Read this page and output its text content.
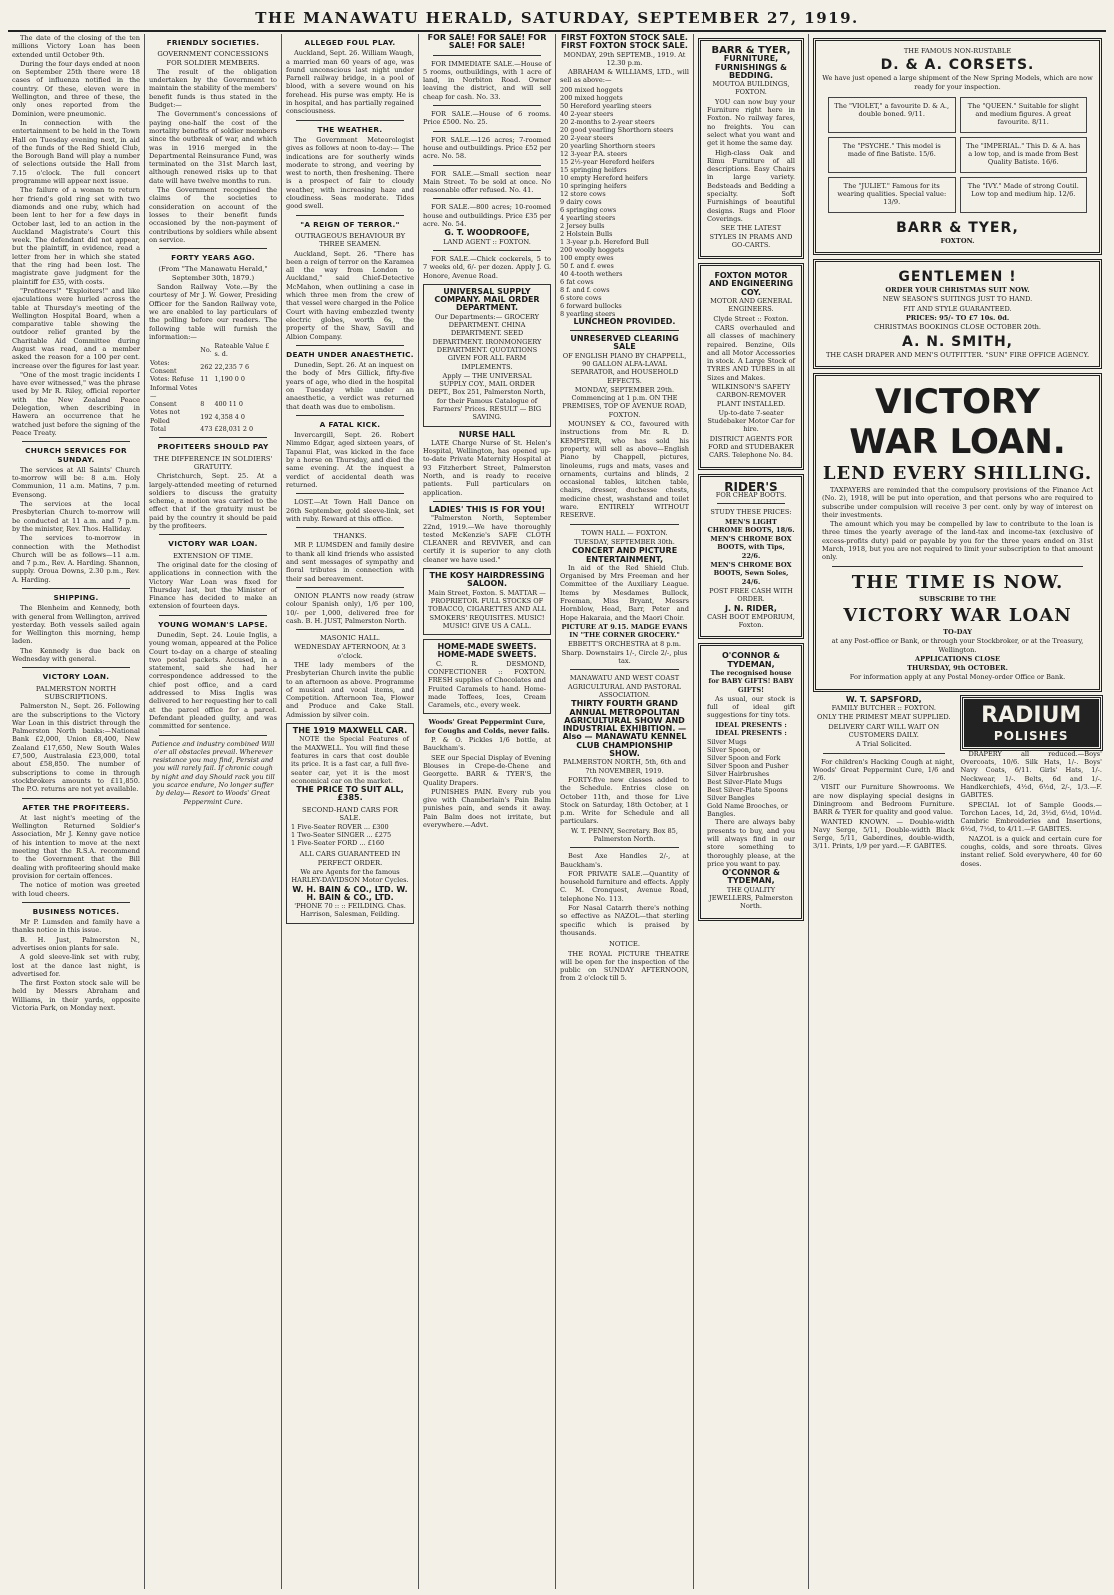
THE MANAWATU HERALD, SATURDAY, SEPTEMBER 27, 1919.

The date of the closing of the ten millions Victory Loan has been extended until October 9th.

During the four days ended at noon on September 25th there were 18 cases of influenza notified in the country. Of these, eleven were in Wellington, and three of these, the only ones reported from the Dominion, were pneumonic.

In connection with the entertainment to be held in the Town Hall on Tuesday evening next, in aid of the funds of the Red Shield Club, the Borough Band will play a number of selections outside the Hall from 7.15 o'clock. The full concert programme will appear next issue.

The failure of a woman to return her friend's gold ring set with two diamonds and one ruby, which had been lent to her for a few days in October last, led to an action in the Auckland Magistrate's Court this week. The defendant did not appear, but the plaintiff, in evidence, read a letter from her in which she stated that the ring had been lost. The magistrate gave judgment for the plaintiff for £35, with costs.

"Profiteers!" "Exploiters!" and like ejaculations were hurled across the table at Thursday's meeting of the Wellington Hospital Board, when a comparative table showing the outdoor relief granted by the Charitable Aid Committee during August was read, and a member asked the reason for a 100 per cent. increase over the figures for last year.

"One of the most tragic incidents I have ever witnessed," was the phrase used by Mr R. Riley, official reporter with the New Zealand Peace Delegation, when describing in Hawera an occurrence that he watched just before the signing of the Peace Treaty.

CHURCH SERVICES FOR SUNDAY.

The services at All Saints' Church to-morrow will be: 8 a.m. Holy Communion, 11 a.m. Matins, 7 p.m. Evensong.

The services at the local Presbyterian Church to-morrow will be conducted at 11 a.m. and 7 p.m. by the minister, Rev. Thos. Halliday.

The services to-morrow in connection with the Methodist Church will be as follows—11 a.m. and 7 p.m., Rev. A. Harding. Shannon, supply. Oroua Downs, 2.30 p.m., Rev. A. Harding.

SHIPPING.

The Blenheim and Kennedy, both with general from Wellington, arrived yesterday. Both vessels sailed again for Wellington this morning, hemp laden.

The Kennedy is due back on Wednesday with general.

VICTORY LOAN.
PALMERSTON NORTH SUBSCRIPTIONS.

Palmerston N., Sept. 26. Following are the subscriptions to the Victory War Loan in this district through the Palmerston North banks:—National Bank £2,000, Union £8,400, New Zealand £17,650, New South Wales £7,500, Australasia £23,000, total about £58,850. The number of subscriptions to come in through stockbrokers amounts to £11,850. The P.O. returns are not yet available.

AFTER THE PROFITEERS.

At last night's meeting of the Wellington Returned Soldier's Association, Mr J. Kenny gave notice of his intention to move at the next meeting that the R.S.A. recommend to the Government that the Bill dealing with profiteering should make provision for certain offences.

The notice of motion was greeted with loud cheers.

BUSINESS NOTICES.

Mr P. Lumsden and family have a thanks notice in this issue.

B. H. Just, Palmerston N., advertises onion plants for sale.

A gold sleeve-link set with ruby, lost at the dance last night, is advertised for.

The first Foxton stock sale will be held by Messrs Abraham and Williams, in their yards, opposite Victoria Park, on Monday next.

FRIENDLY SOCIETIES.
GOVERNMENT CONCESSIONS FOR SOLDIER MEMBERS.

The result of the obligation undertaken by the Government to maintain the stability of the members' benefit funds is thus stated in the Budget:—

The Government's concessions of paying one-half the cost of the mortality benefits of soldier members since the outbreak of war, and which was in 1916 merged in the Departmental Reinsurance Fund, was terminated on the 31st March last, although renewed risks up to that date will have twelve months to run.

The Government recognised the claims of the societies to consideration on account of the losses to their benefit funds occasioned by the non-payment of contributions by soldiers while absent on service.

FORTY YEARS AGO.
(From "The Manawatu Herald," September 30th, 1879.)

Sandon Railway Vote.—By the courtesy of Mr J. W. Gower, Presiding Officer for the Sandon Railway vote, we are enabled to lay particulars of the polling before our readers. The following table will furnish the information:—

	No.	Rateable Value £ s. d.
Votes: Consent	262	22,235 7 6
Votes: Refuse	11	1,190 0 0
Informal Votes—		
Consent	8	400 11 0
Votes not Polled	192	4,358 4 0
Total	473	£28,031 2 0
PROFITEERS SHOULD PAY
THE DIFFERENCE IN SOLDIERS' GRATUITY.

Christchurch, Sept. 25. At a largely-attended meeting of returned soldiers to discuss the gratuity scheme, a motion was carried to the effect that if the gratuity must be paid by the country it should be paid by the profiteers.

VICTORY WAR LOAN.
EXTENSION OF TIME.

The original date for the closing of applications in connection with the Victory War Loan was fixed for Thursday last, but the Minister of Finance has decided to make an extension of fourteen days.

YOUNG WOMAN'S LAPSE.

Dunedin, Sept. 24. Louie Inglis, a young woman, appeared at the Police Court to-day on a charge of stealing two postal packets. Accused, in a statement, said she had her correspondence addressed to the chief post office, and a card addressed to Miss Inglis was delivered to her requesting her to call at the parcel office for a parcel. Defendant pleaded guilty, and was committed for sentence.

Patience and industry combined Will o'er all obstacles prevail. Wherever resistance you may find, Persist and you will rarely fail. If chronic cough by night and day Should rack you till you scarce endure, No longer suffer by delay— Resort to Woods' Great Peppermint Cure.

ALLEGED FOUL PLAY.

Auckland, Sept. 26. William Waugh, a married man 60 years of age, was found unconscious last night under Parnell railway bridge, in a pool of blood, with a severe wound on his forehead. His purse was empty. He is in hospital, and has partially regained consciousness.

THE WEATHER.

The Government Meteorologist gives as follows at noon to-day:— The indications are for southerly winds moderate to strong, and veering by west to north, then freshening. There is a prospect of fair to cloudy weather, with increasing haze and cloudiness. Seas moderate. Tides good swell.

"A REIGN OF TERROR."
OUTRAGEOUS BEHAVIOUR BY THREE SEAMEN.

Auckland, Sept. 26. "There has been a reign of terror on the Karamea all the way from London to Auckland," said Chief-Detective McMahon, when outlining a case in which three men from the crew of that vessel were charged in the Police Court with having embezzled twenty electric globes, worth 6s, the property of the Shaw, Savill and Albion Company.

DEATH UNDER ANAESTHETIC.

Dunedin, Sept. 26. At an inquest on the body of Mrs Gillick, fifty-five years of age, who died in the hospital on Tuesday while under an anaesthetic, a verdict was returned that death was due to embolism.

A FATAL KICK.

Invercargill, Sept. 26. Robert Nimmo Edgar, aged sixteen years, of Tapanui Flat, was kicked in the face by a horse on Thursday, and died the same evening. At the inquest a verdict of accidental death was returned.

LOST.—At Town Hall Dance on 26th September, gold sleeve-link, set with ruby. Reward at this office.

THANKS.

MR P. LUMSDEN and family desire to thank all kind friends who assisted and sent messages of sympathy and floral tributes in connection with their sad bereavement.

ONION PLANTS now ready (straw colour Spanish only), 1/6 per 100, 10/- per 1,000, delivered free for cash. B. H. JUST, Palmerston North.

MASONIC HALL.

WEDNESDAY AFTERNOON, At 3 o'clock.

THE lady members of the Presbyterian Church invite the public to an afternoon as above. Programme of musical and vocal items, and Competition. Afternoon Tea, Flower and Produce and Cake Stall. Admission by silver coin.

THE 1919 MAXWELL CAR.

NOTE the Special Features of the MAXWELL. You will find these features in cars that cost double its price. It is a fast car, a full five-seater car, yet it is the most economical car on the market.

THE PRICE TO SUIT ALL, £385.
SECOND-HAND CARS FOR SALE.
1 Five-Seater ROVER ... £300
1 Two-Seater SINGER ... £275
1 Five-Seater FORD ... £160
ALL CARS GUARANTEED IN PERFECT ORDER.

We are Agents for the famous HARLEY-DAVIDSON Motor Cycles.

W. H. BAIN & CO., LTD. W. H. BAIN & CO., LTD.

'PHONE 70 :: :: FEILDING. Chas. Harrison, Salesman, Feilding.

FOR SALE! FOR SALE! FOR SALE! FOR SALE!

FOR IMMEDIATE SALE.—House of 5 rooms, outbuildings, with 1 acre of land, in Norbiton Road. Owner leaving the district, and will sell cheap for cash. No. 33.

FOR SALE.—House of 6 rooms. Price £500. No. 25.

FOR SALE.—126 acres; 7-roomed house and outbuildings. Price £52 per acre. No. 58.

FOR SALE.—Small section near Main Street. To be sold at once. No reasonable offer refused. No. 41.

FOR SALE.—800 acres; 10-roomed house and outbuildings. Price £35 per acre. No. 54.

G. T. WOODROOFE,

LAND AGENT :: FOXTON.

FOR SALE.—Chick cockerels, 5 to 7 weeks old, 6/- per dozen. Apply J. G. Honore, Avenue Road.

UNIVERSAL SUPPLY COMPANY. MAIL ORDER DEPARTMENT.

Our Departments:— GROCERY DEPARTMENT. CHINA DEPARTMENT. SEED DEPARTMENT. IRONMONGERY DEPARTMENT. QUOTATIONS GIVEN FOR ALL FARM IMPLEMENTS.

Apply — THE UNIVERSAL SUPPLY COY., MAIL ORDER DEPT., Box 251, Palmerston North, for their Famous Catalogue of Farmers' Prices. RESULT — BIG SAVING.

NURSE HALL

LATE Charge Nurse of St. Helen's Hospital, Wellington, has opened up-to-date Private Maternity Hospital at 93 Fitzherbert Street, Palmerston North, and is ready to receive patients. Full particulars on application.

LADIES' THIS IS FOR YOU!

"Palmerston North, September 22nd, 1919.—We have thoroughly tested McKenzie's SAFE CLOTH CLEANER and REVIVER, and can certify it is superior to any cloth cleaner we have used."

THE KOSY HAIRDRESSING SALOON.

Main Street, Foxton. S. MATTAR — PROPRIETOR. FULL STOCKS OF TOBACCO, CIGARETTES AND ALL SMOKERS' REQUISITES. MUSIC! MUSIC! GIVE US A CALL.

HOME-MADE SWEETS. HOME-MADE SWEETS.

C. R. DESMOND, CONFECTIONER :: FOXTON. FRESH supplies of Chocolates and Fruited Caramels to hand. Home-made Toffees, Ices, Cream Caramels, etc., every week.

Woods' Great Peppermint Cure, for Coughs and Colds, never fails.

P. & O. Pickles 1/6 bottle, at Bauckham's.

SEE our Special Display of Evening Blouses in Crepe-de-Chene and Georgette. BARR & TYER'S, the Quality Drapers.

PUNISHES PAIN. Every rub you give with Chamberlain's Pain Balm punishes pain, and sends it away. Pain Balm does not irritate, but everywhere.—Advt.

FIRST FOXTON STOCK SALE. FIRST FOXTON STOCK SALE.

MONDAY, 29th SEPTEMB., 1919. At 12.30 p.m.

ABRAHAM & WILLIAMS, LTD., will sell as above:—

200 mixed hoggets
200 mixed hoggets
50 Hereford yearling steers
40 2-year steers
20 2-months to 2-year steers
20 good yearling Shorthorn steers
20 2-year steers
20 yearling Shorthorn steers
12 3-year P.A. steers
15 2½-year Hereford heifers
15 springing heifers
10 empty Hereford heifers
10 springing heifers
12 store cows
9 dairy cows
6 springing cows
4 yearling steers
2 Jersey bulls
2 Holstein Bulls
1 3-year p.b. Hereford Bull
200 woolly hoggets
100 empty ewes
50 f. and f. ewes
40 4-tooth wethers
6 fat cows
8 f. and f. cows
6 store cows
6 forward bullocks
8 yearling steers
LUNCHEON PROVIDED.
UNRESERVED CLEARING SALE

OF ENGLISH PIANO BY CHAPPELL, 90 GALLON ALFA-LAVAL SEPARATOR, and HOUSEHOLD EFFECTS.

MONDAY, SEPTEMBER 29th. Commencing at 1 p.m. ON THE PREMISES, TOP OF AVENUE ROAD, FOXTON.

MOUNSEY & CO., favoured with instructions from Mr. R. D. KEMPSTER, who has sold his property, will sell as above—English Piano by Chappell, pictures, linoleums, rugs and mats, vases and ornaments, curtains and blinds, 2 occasional tables, kitchen table, chairs, dresser, duchesse chests, medicine chest, washstand and toilet ware. ENTIRELY WITHOUT RESERVE.

TOWN HALL — FOXTON.

TUESDAY, SEPTEMBER 30th.

CONCERT AND PICTURE ENTERTAINMENT,

In aid of the Red Shield Club. Organised by Mrs Freeman and her Committee of the Auxiliary League. Items by Mesdames Bullock, Freeman, Miss Bryant, Messrs Hornblow, Head, Barr, Peter and Hope Hakaraia, and the Maori Choir.

PICTURE AT 9.15. MADGE EVANS IN "THE CORNER GROCERY."

EBBETT'S ORCHESTRA at 8 p.m. Sharp. Downstairs 1/-, Circle 2/-, plus tax.

MANAWATU AND WEST COAST AGRICULTURAL AND PASTORAL ASSOCIATION.

THIRTY FOURTH GRAND ANNUAL METROPOLITAN AGRICULTURAL SHOW AND INDUSTRIAL EXHIBITION. — Also — MANAWATU KENNEL CLUB CHAMPIONSHIP SHOW.

PALMERSTON NORTH, 5th, 6th and 7th NOVEMBER, 1919.

FORTY-five new classes added to the Schedule. Entries close on October 11th, and those for Live Stock on Saturday, 18th October, at 1 p.m. Write for Schedule and all particulars.

W. T. PENNY, Secretary. Box 85, Palmerston North.

Best Axe Handles 2/-, at Bauckham's.

FOR PRIVATE SALE.—Quantity of household furniture and effects. Apply C. M. Cronquest, Avenue Road, telephone No. 113.

For Nasal Catarrh there's nothing so effective as NAZOL—that sterling specific which is praised by thousands.

NOTICE.

THE ROYAL PICTURE THEATRE will be open for the inspection of the public on SUNDAY AFTERNOON, from 2 o'clock till 5.

BARR & TYER,
FURNITURE, FURNISHINGS & BEDDING.

MOUTOA BUILDINGS, FOXTON.

YOU can now buy your Furniture right here in Foxton. No railway fares, no freights. You can select what you want and get it home the same day.

High-class Oak and Rimu Furniture of all descriptions. Easy Chairs in large variety. Bedsteads and Bedding a specialty. Soft Furnishings of beautiful designs. Rugs and Floor Coverings.

SEE THE LATEST STYLES IN PRAMS AND GO-CARTS.

FOXTON MOTOR AND ENGINEERING COY.

MOTOR AND GENERAL ENGINEERS.

Clyde Street :: Foxton.

CARS overhauled and all classes of machinery repaired. Benzine, Oils and all Motor Accessories in stock. A Large Stock of TYRES AND TUBES in all Sizes and Makes.

WILKINSON'S SAFETY CARBON-REMOVER PLANT INSTALLED.

Up-to-date 7-seater Studebaker Motor Car for hire.

DISTRICT AGENTS FOR FORD and STUDEBAKER CARS. Telephone No. 84.

RIDER'S

FOR CHEAP BOOTS.

STUDY THESE PRICES:

MEN'S LIGHT CHROME BOOTS, 18/6.

MEN'S CHROME BOX BOOTS, with Tips, 22/6.

MEN'S CHROME BOX BOOTS, Sewn Soles, 24/6.

POST FREE CASH WITH ORDER.

J. N. RIDER,

CASH BOOT EMPORIUM, Foxton.

O'CONNOR & TYDEMAN,

The recognised house for BABY GIFTS! BABY GIFTS!

As usual, our stock is full of ideal gift suggestions for tiny tots.

IDEAL PRESENTS : IDEAL PRESENTS :

Silver Mugs
Silver Spoon, or
Silver Spoon and Fork
Silver Spoon and Pusher
Silver Hairbrushes
Best Silver-Plate Mugs
Best Silver-Plate Spoons
Silver Bangles
Gold Name Brooches, or Bangles.

There are always baby presents to buy, and you will always find in our store something to thoroughly please, at the price you want to pay.

O'CONNOR & TYDEMAN,

THE QUALITY JEWELLERS, Palmerston North.

THE FAMOUS NON-RUSTABLE

D. & A. CORSETS.

We have just opened a large shipment of the New Spring Models, which are now ready for your inspection.

The "VIOLET," a favourite D. & A., double boned. 9/11.
The "QUEEN." Suitable for slight and medium figures. A great favourite. 8/11.
The "PSYCHE." This model is made of fine Batiste. 15/6.
The "IMPERIAL." This D. & A. has a low top, and is made from Best Quality Batiste. 16/6.
The "JULIET." Famous for its wearing qualities. Special value: 13/9.
The "IVY." Made of strong Coutil. Low top and medium hip. 12/6.
BARR & TYER,

FOXTON.

GENTLEMEN !

ORDER YOUR CHRISTMAS SUIT NOW.

NEW SEASON'S SUITINGS JUST TO HAND.

FIT AND STYLE GUARANTEED.

PRICES: 95/- TO £7 10s. 0d.

CHRISTMAS BOOKINGS CLOSE OCTOBER 20th.

A. N. SMITH,

THE CASH DRAPER AND MEN'S OUTFITTER. "SUN" FIRE OFFICE AGENCY.

VICTORY
WAR LOAN.
LEND EVERY SHILLING.

TAXPAYERS are reminded that the compulsory provisions of the Finance Act (No. 2), 1918, will be put into operation, and that persons who are required to subscribe under compulsion will receive 3 per cent. only by way of interest on their investments.

The amount which you may be compelled by law to contribute to the loan is three times the yearly average of the land-tax and income-tax (exclusive of excess-profits duty) paid or payable by you for the three years ended on 31st March, 1918, but you are not required to limit your subscription to that amount only.

THE TIME IS NOW.

SUBSCRIBE TO THE

VICTORY WAR LOAN

TO-DAY

at any Post-office or Bank, or through your Stockbroker, or at the Treasury, Wellington.

APPLICATIONS CLOSE

THURSDAY, 9th OCTOBER.

For information apply at any Postal Money-order Office or Bank.

W. T. SAPSFORD,

FAMILY BUTCHER :: FOXTON.

ONLY THE PRIMEST MEAT SUPPLIED.

DELIVERY CART WILL WAIT ON CUSTOMERS DAILY.

A Trial Solicited.

For children's Hacking Cough at night, Woods' Great Peppermint Cure, 1/6 and 2/6.

VISIT our Furniture Showrooms. We are now displaying special designs in Diningroom and Bedroom Furniture. BARR & TYER for quality and good value.

WANTED KNOWN. — Double-width Navy Serge, 5/11, Double-width Black Serge, 5/11, Gaberdines, double-width, 3/11. Prints, 1/9 per yard.—F. GABITES.

RADIUM
POLISHES

DRAPERY all reduced.—Boys' Overcoats, 10/6. Silk Hats, 1/-. Boys' Navy Coats, 6/11. Girls' Hats, 1/-. Neckwear, 1/-. Belts, 6d and 1/-. Handkerchiefs, 4½d, 6½d, 2/-, 1/3.—F. GABITES.

SPECIAL lot of Sample Goods.—Torchon Laces, 1d, 2d, 3½d, 6½d, 10½d. Cambric Embroideries and Insertions, 6½d, 7½d, to 4/11.—F. GABITES.

NAZOL is a quick and certain cure for coughs, colds, and sore throats. Gives instant relief. Sold everywhere, 40 for 60 doses.
